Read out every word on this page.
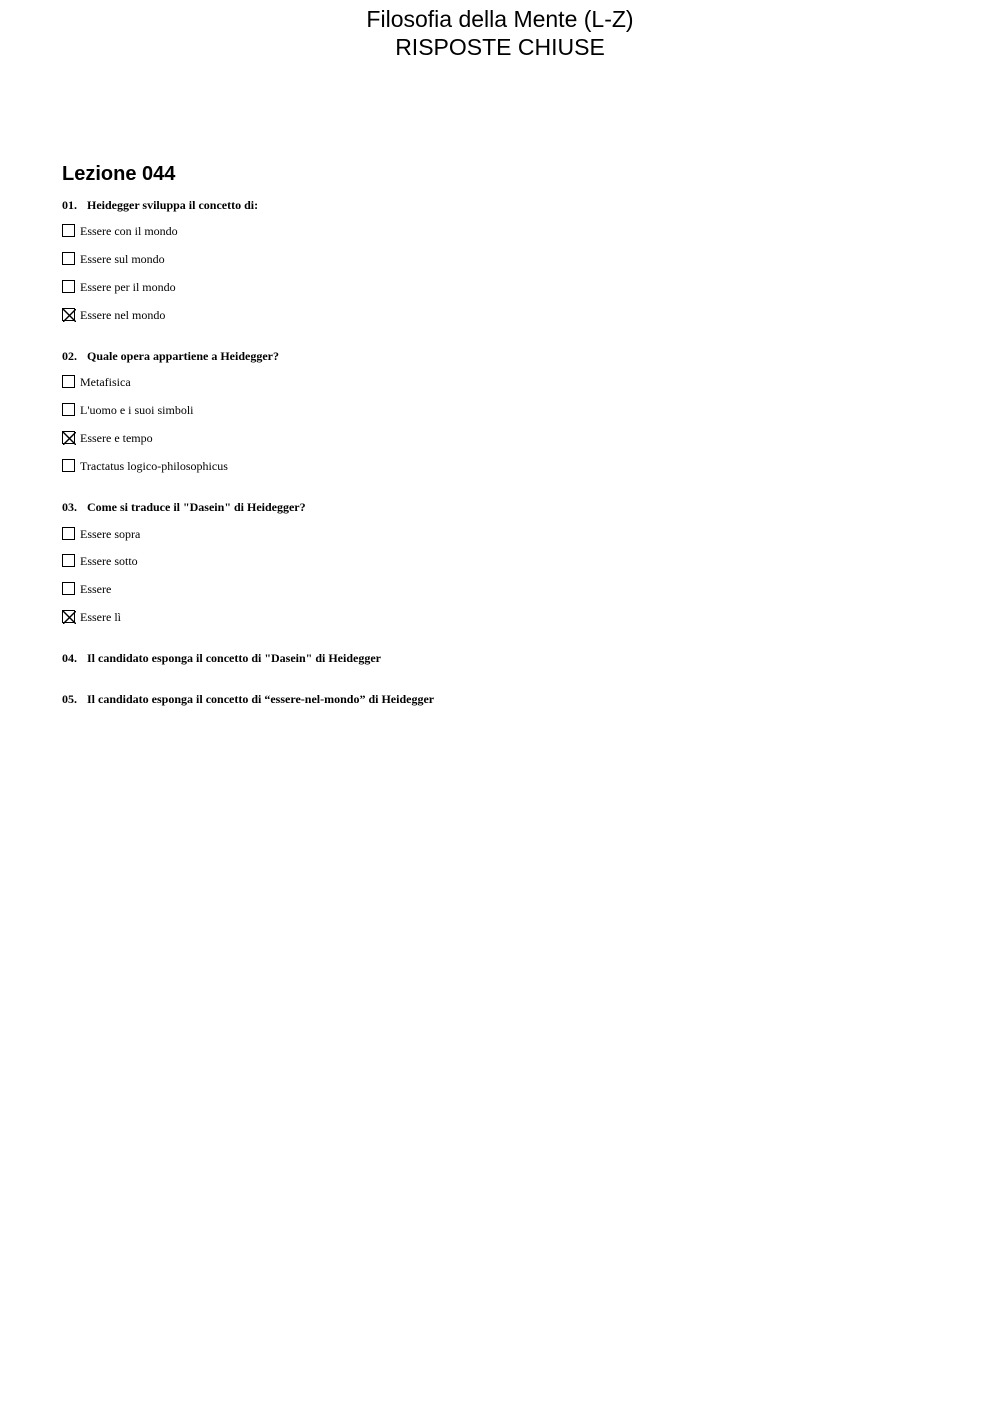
Filosofia della Mente (L-Z)
RISPOSTE CHIUSE
Lezione 044
01. Heidegger sviluppa il concetto di:
Essere con il mondo
Essere sul mondo
Essere per il mondo
Essere nel mondo
02. Quale opera appartiene a Heidegger?
Metafisica
L'uomo e i suoi simboli
Essere e tempo
Tractatus logico-philosophicus
03. Come si traduce il "Dasein" di Heidegger?
Essere sopra
Essere sotto
Essere
Essere lì
04. Il candidato esponga il concetto di "Dasein" di Heidegger
05. Il candidato esponga il concetto di “essere-nel-mondo” di Heidegger
